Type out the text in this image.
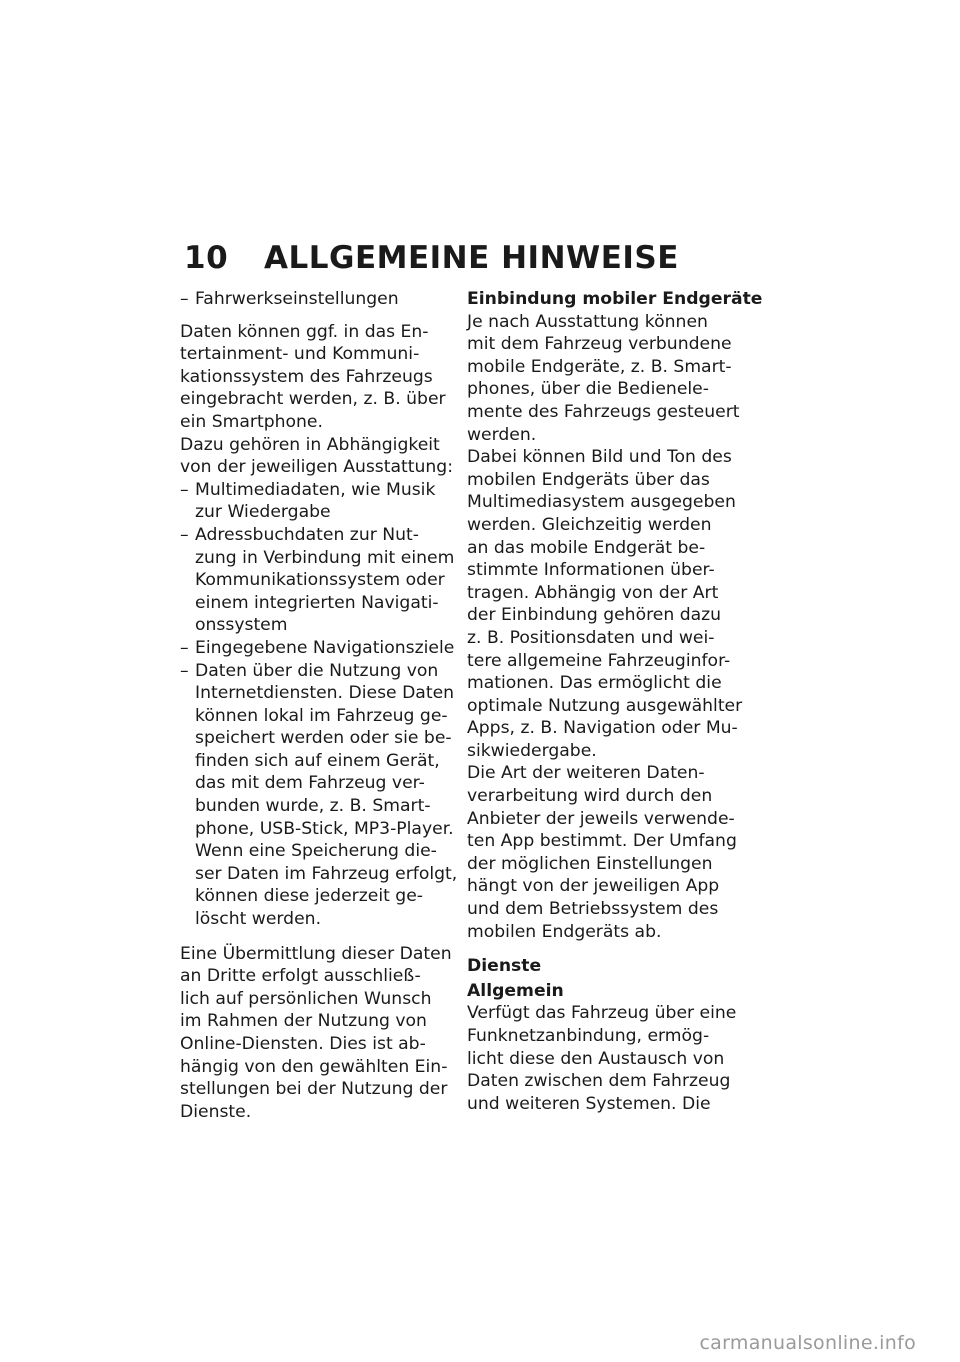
10 ALLGEMEINE HINWEISE
– Fahrwerkseinstellungen
Daten können ggf. in das En-
tertainment- und Kommuni-
kationssystem des Fahrzeugs
eingebracht werden, z. B. über
ein Smartphone.
Dazu gehören in Abhängigkeit
von der jeweiligen Ausstattung:
– Multimediadaten, wie Musik
zur Wiedergabe
– Adressbuchdaten zur Nut-
zung in Verbindung mit einem
Kommunikationssystem oder
einem integrierten Navigati-
onssystem
– Eingegebene Navigationsziele
– Daten über die Nutzung von
Internetdiensten. Diese Daten
können lokal im Fahrzeug ge-
speichert werden oder sie be-
finden sich auf einem Gerät,
das mit dem Fahrzeug ver-
bunden wurde, z. B. Smart-
phone, USB-Stick, MP3-Player.
Wenn eine Speicherung die-
ser Daten im Fahrzeug erfolgt,
können diese jederzeit ge-
löscht werden.
Eine Übermittlung dieser Daten
an Dritte erfolgt ausschließ-
lich auf persönlichen Wunsch
im Rahmen der Nutzung von
Online-Diensten. Dies ist ab-
hängig von den gewählten Ein-
stellungen bei der Nutzung der
Dienste.
Einbindung mobiler Endgeräte
Je nach Ausstattung können
mit dem Fahrzeug verbundene
mobile Endgeräte, z. B. Smart-
phones, über die Bedienele-
mente des Fahrzeugs gesteuert
werden.
Dabei können Bild und Ton des
mobilen Endgeräts über das
Multimediasystem ausgegeben
werden. Gleichzeitig werden
an das mobile Endgerät be-
stimmte Informationen über-
tragen. Abhängig von der Art
der Einbindung gehören dazu
z. B. Positionsdaten und wei-
tere allgemeine Fahrzeuginfor-
mationen. Das ermöglicht die
optimale Nutzung ausgewählter
Apps, z. B. Navigation oder Mu-
sikwiedergabe.
Die Art der weiteren Daten-
verarbeitung wird durch den
Anbieter der jeweils verwende-
ten App bestimmt. Der Umfang
der möglichen Einstellungen
hängt von der jeweiligen App
und dem Betriebssystem des
mobilen Endgeräts ab.
Dienste
Allgemein
Verfügt das Fahrzeug über eine
Funknetzanbindung, ermög-
licht diese den Austausch von
Daten zwischen dem Fahrzeug
und weiteren Systemen. Die
carmanualsonline.info
